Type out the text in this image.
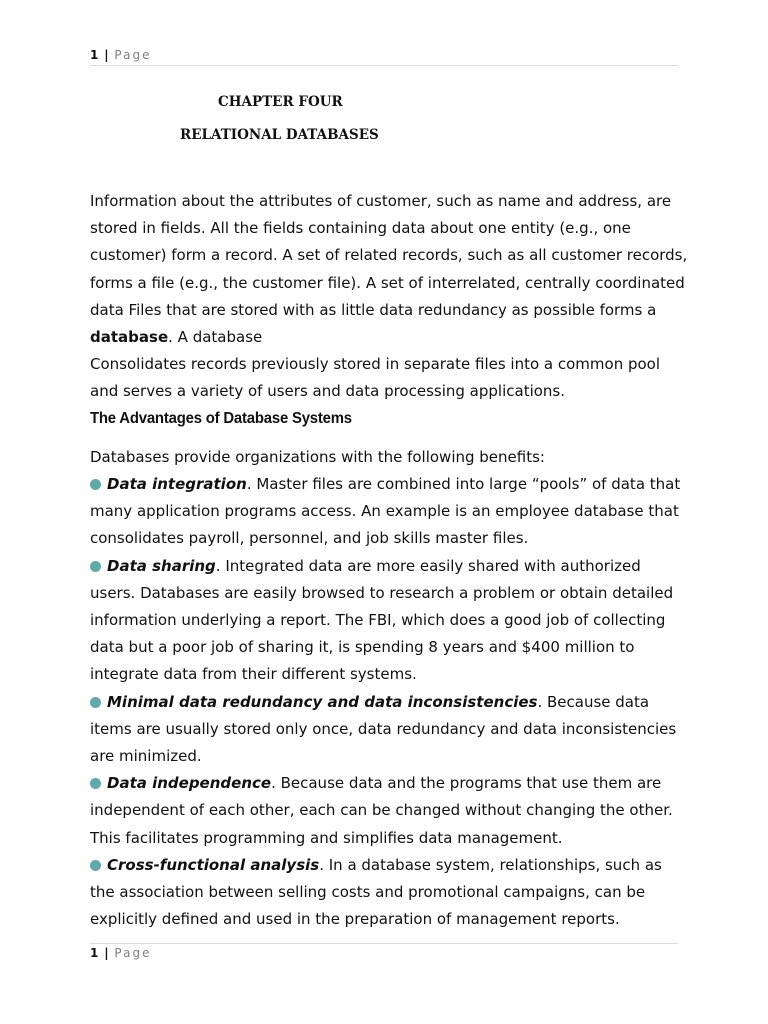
1 | Page
CHAPTER FOUR
RELATIONAL DATABASES

Information about the attributes of customer, such as name and address, are stored in fields. All the fields containing data about one entity (e.g., one customer) form a record. A set of related records, such as all customer records, forms a file (e.g., the customer file). A set of interrelated, centrally coordinated data Files that are stored with as little data redundancy as possible forms a database. A database
Consolidates records previously stored in separate files into a common pool and serves a variety of users and data processing applications.

The Advantages of Database Systems

Databases provide organizations with the following benefits:

Data integration. Master files are combined into large “pools” of data that many application programs access. An example is an employee database that consolidates payroll, personnel, and job skills master files.
Data sharing. Integrated data are more easily shared with authorized users. Databases are easily browsed to research a problem or obtain detailed information underlying a report. The FBI, which does a good job of collecting data but a poor job of sharing it, is spending 8 years and $400 million to integrate data from their different systems.
Minimal data redundancy and data inconsistencies. Because data items are usually stored only once, data redundancy and data inconsistencies are minimized.
Data independence. Because data and the programs that use them are independent of each other, each can be changed without changing the other. This facilitates programming and simplifies data management.
Cross-functional analysis. In a database system, relationships, such as the association between selling costs and promotional campaigns, can be explicitly defined and used in the preparation of management reports.
1 | Page
